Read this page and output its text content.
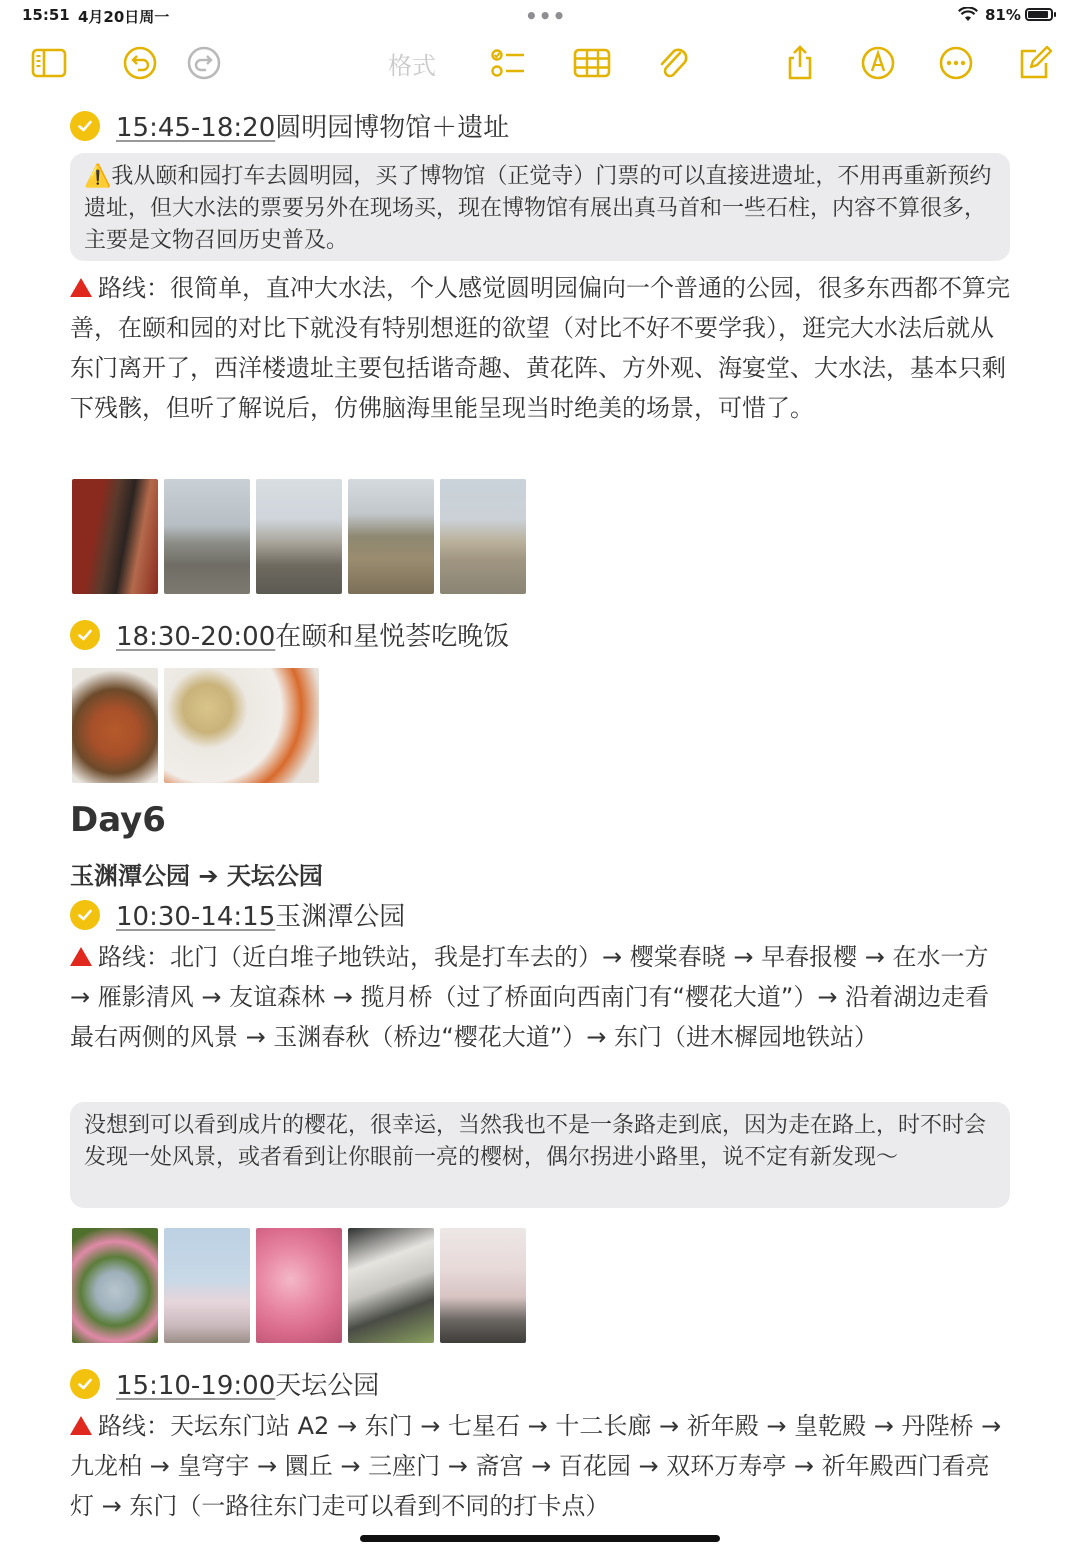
15:51 4月20日周一	•••	81%
格式
15:45-18:20圆明园博物馆＋遗址
⚠️我从颐和园打车去圆明园，买了博物馆（正觉寺）门票的可以直接进遗址，不用再重新预约遗址，但大水法的票要另外在现场买，现在博物馆有展出真马首和一些石柱，内容不算很多，主要是文物召回历史普及。
路线：很简单，直冲大水法，个人感觉圆明园偏向一个普通的公园，很多东西都不算完善，在颐和园的对比下就没有特别想逛的欲望（对比不好不要学我），逛完大水法后就从东门离开了，西洋楼遗址主要包括谐奇趣、黄花阵、方外观、海宴堂、大水法，基本只剩下残骸，但听了解说后，仿佛脑海里能呈现当时绝美的场景，可惜了。
18:30-20:00在颐和星悦荟吃晚饭
Day6
玉渊潭公园 ➔ 天坛公园
10:30-14:15玉渊潭公园
路线：北门（近白堆子地铁站，我是打车去的）→ 樱棠春晓 → 早春报樱 → 在水一方 → 雁影清风 → 友谊森林 → 揽月桥（过了桥面向西南门有“樱花大道”）→ 沿着湖边走看最右两侧的风景 → 玉渊春秋（桥边“樱花大道”）→ 东门（进木樨园地铁站）
没想到可以看到成片的樱花，很幸运，当然我也不是一条路走到底，因为走在路上，时不时会发现一处风景，或者看到让你眼前一亮的樱树，偶尔拐进小路里，说不定有新发现～
15:10-19:00天坛公园
路线：天坛东门站 A2 → 东门 → 七星石 → 十二长廊 → 祈年殿 → 皇乾殿 → 丹陛桥 → 九龙柏 → 皇穹宇 → 圜丘 → 三座门 → 斋宫 → 百花园 → 双环万寿亭 → 祈年殿西门看亮灯 → 东门（一路往东门走可以看到不同的打卡点）
